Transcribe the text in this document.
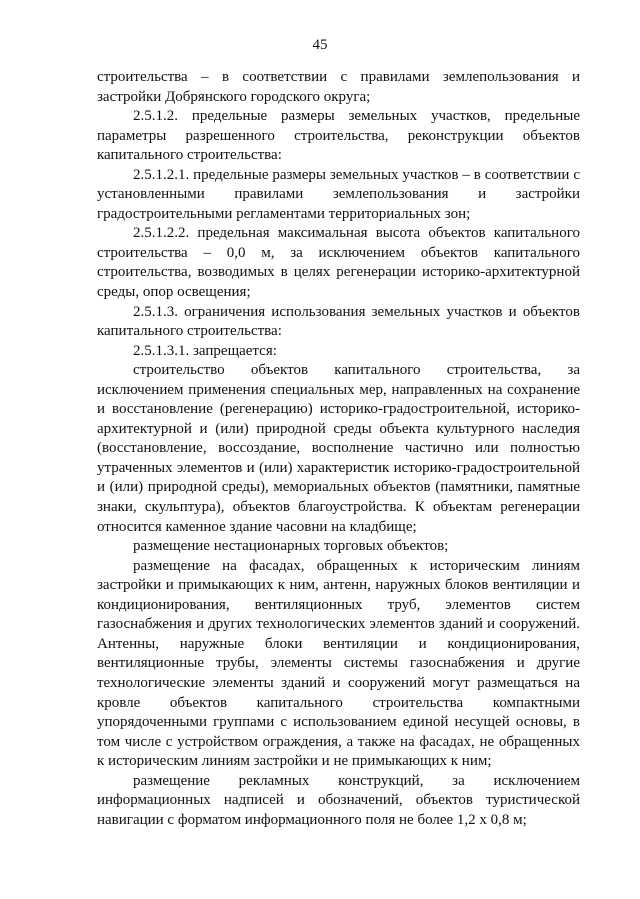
45

строительства – в соответствии с правилами землепользования и застройки Добрянского городского округа;

2.5.1.2. предельные размеры земельных участков, предельные параметры разрешенного строительства, реконструкции объектов капитального строительства:

2.5.1.2.1. предельные размеры земельных участков – в соответствии с установленными правилами землепользования и застройки градостроительными регламентами территориальных зон;

2.5.1.2.2. предельная максимальная высота объектов капитального строительства – 0,0 м, за исключением объектов капитального строительства, возводимых в целях регенерации историко-архитектурной среды, опор освещения;

2.5.1.3. ограничения использования земельных участков и объектов капитального строительства:

2.5.1.3.1. запрещается:

строительство объектов капитального строительства, за исключением применения специальных мер, направленных на сохранение и восстановление (регенерацию) историко-градостроительной, историко-архитектурной и (или) природной среды объекта культурного наследия (восстановление, воссоздание, восполнение частично или полностью утраченных элементов и (или) характеристик историко-градостроительной и (или) природной среды), мемориальных объектов (памятники, памятные знаки, скульптура), объектов благоустройства. К объектам регенерации относится каменное здание часовни на кладбище;

размещение нестационарных торговых объектов;

размещение на фасадах, обращенных к историческим линиям застройки и примыкающих к ним, антенн, наружных блоков вентиляции и кондиционирования, вентиляционных труб, элементов систем газоснабжения и других технологических элементов зданий и сооружений. Антенны, наружные блоки вентиляции и кондиционирования, вентиляционные трубы, элементы системы газоснабжения и другие технологические элементы зданий и сооружений могут размещаться на кровле объектов капитального строительства компактными упорядоченными группами с использованием единой несущей основы, в том числе с устройством ограждения, а также на фасадах, не обращенных к историческим линиям застройки и не примыкающих к ним;

размещение рекламных конструкций, за исключением информационных надписей и обозначений, объектов туристической навигации с форматом информационного поля не более 1,2 х 0,8 м;
